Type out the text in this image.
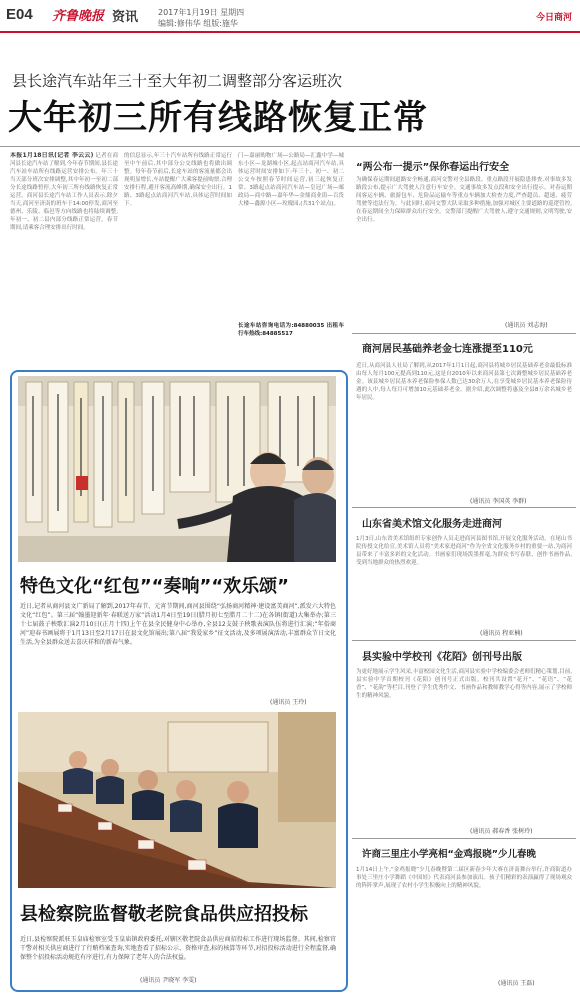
E04 齐鲁晚报 资讯 2017年1月19日 星期四
编辑:修伟华 组版:施华
今日商河
县长途汽车站年三十至大年初二调整部分客运班次
大年初三所有线路恢复正常
本报1月18日讯(记者 李云云) 记者在商河县长途汽车站了解到,今年春节期间,县长途汽车站车站所有线路运营安排公布。年三十当天部分班次安排调整,其中年初一至初二部分长途线路暂停,大年初三所有线路恢复正常运营。商河县长途汽车站工作人员表示,除夕当天,商河至济南的班车于14:00停发,商河至德州、乐陵、临邑等方向线路也将陆续调整,年初一、初二县内部分线路正常运营。春节期间,请乘客合理安排出行时间。
的信息显示,年三十汽车站所有线路正常运行至中午前后,其中部分公交线路也将做出调整。每年春节前后,长途车站的客流量都会出现明显增长,车站提醒广大乘客提前购票,合理安排行程,避开客流高峰期,确保安全出行。1路、3路起点站商河汽车站,具体运营时间如下。
门—嘉丽购物广场—公路局—汇鑫中学—城东小区—龙湖城小区,起点站商河汽车站,具体运营时间安排如下:年三十、初一、初二公交车按照春节时间运营,初三起恢复正常。3路起点站商河汽车站—皇冠广场—邮政局—商中路—嘉年华—金鼎商业街—百货大楼—鑫源小区—玫瑰园,(共31个站点)。
长途车站咨询电话为:84880035 出租车行车热线:84885517
“两公布一提示”保你春运出行安全
为确保春运期间道路安全畅通,商河交警对全县路段、重点路段开展隐患排查,对事故多发路段公布,提示广大驾驶人注意行车安全。交通事故多发点段和安全出行提示。对春运期间客运车辆、旅游包车、危险品运输车等重点车辆加大检查力度,严查超员、超速、疲劳驾驶等违法行为。与此同时,商河交警大队采取多种措施,加强对城区主要道路的巡逻管控,在春运期间全力保障群众出行安全。交警部门提醒广大驾驶人,遵守交通规则,文明驾驶,安全出行。
(通讯员 刘志海)
商河居民基础养老金七连涨提至110元
近日,从商河县人社局了解到,从2017年1月1日起,商河县将城乡居民基础养老金最低标准由每人每月100元提高到110元,这是自2010年以来商河县第七次调整城乡居民基础养老金。该县城乡居民基本养老保险参保人数已达30余万人,在享受城乡居民基本养老保险待遇的人中,每人每月可增加10元基础养老金。据介绍,此次调整将惠及全县8万余名城乡老年居民。
(通讯员 李国英 李群)
山东省美术馆文化服务走进商河
1月3日,山东省美术馆组织专家创作人员走进商河县图书馆,开展文化服务活动。在尾山书院传授文化给宣,美术馆人员将“美术家进商河”作为全省文化服务乡村的重要一站,为商河县带来了丰富多彩的文化活动。书画家们现场泼墨挥毫,为群众书写春联、创作书画作品,受到当地群众的热烈欢迎。
(通讯员 程亚楠)
县实验中学校刊《花陌》创刊号出版
为更好地展示学生风采,丰富校园文化生活,商河县实验中学校编委会老师们精心策划,目前,县实验中学首期校刊《花陌》创刊号正式出版。校刊共设置“花开”、“花语”、“花香”、“花韵”等栏目,刊登了学生优秀作文、书画作品和教师教学心得等内容,展示了学校师生的精神风貌。
(通讯员 郝春香 张树玲)
许商三里庄小学亮相“金鸡报晓”少儿春晚
1月14日上午,“金鸡报晓”少儿春晚暨第二届区新春少年大赛在济南舞台举行,许商街道办事处三里庄小学舞蹈《中国娃》代表商河县参加演出。孩子们精彩的表演赢得了现场观众的阵阵掌声,展现了农村小学生积极向上的精神风貌。
(通讯员 王磊)
特色文化“红包”“奏响”“欢乐颂”
近日,记者从商河县文广新局了解到,2017年春节、元宵节期间,商河县围绕“弘扬商河精神·建设富美商河”,派发六大特色文化“红包”。第三届“翰墨迎新年·春联送万家”活动1月4日至19日(腊月初七至腊月二十二)在各镇(街道)大集举办;第三十七届鼓子秧歌汇演2月10日(正月十四)上午在县全民健身中心举办,全县12支鼓子秧歌表演队伍将进行汇演;“年俗商河”迎春书画展将于1月13日至2月17日在县文化馆展出;第八届“我爱家乡”征文活动,及多项展演活动,丰富群众节日文化生活,为全县群众送去喜庆祥和的新春气象。
(通讯员 王玲)
县检察院监督敬老院食品供应招投标
近日,县检察院派驻玉皇庙检察室受玉皇庙镇政府委托,对辖区敬老院食品供应商招投标工作进行现场监督。其间,检察官干警对相关供应商进行了行贿档案查询,实地查看了招标公示、资格审查,标的核算等环节,对招投标活动进行全程监督,确保整个招投标活动规范有序进行,有力保障了老年人的合法权益。
(通讯员 尹晓军 李雯)
